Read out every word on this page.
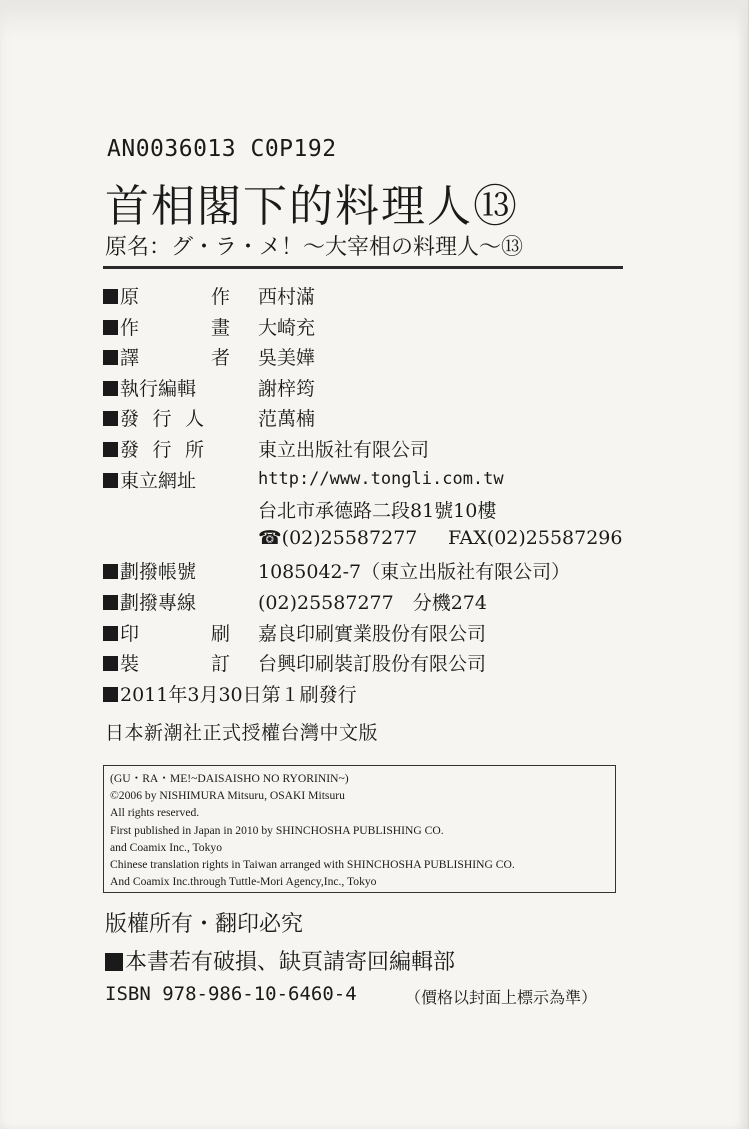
AN0036013 C0P192
首相閣下的料理人⑬
原名：グ・ラ・メ！～大宰相の料理人～⑬
原　作	西村滿
作　畫	大崎充
譯　者	吳美嬅
執行編輯	謝梓筠
發行人	范萬楠
發行所	東立出版社有限公司
東立網址	http://www.tongli.com.tw
台北市承德路二段81號10樓
☎(02)25587277	FAX(02)25587296
劃撥帳號	1085042-7（東立出版社有限公司）
劃撥專線	(02)25587277　分機274
印　刷	嘉良印刷實業股份有限公司
裝　訂	台興印刷裝訂股份有限公司
2011年3月30日第１刷發行
日本新潮社正式授權台灣中文版
(GU・RA・ME!~DAISAISHO NO RYORININ~)
©2006 by NISHIMURA Mitsuru, OSAKI Mitsuru
All rights reserved.
First published in Japan in 2010 by SHINCHOSHA PUBLISHING CO.
and Coamix Inc., Tokyo
Chinese translation rights in Taiwan arranged with SHINCHOSHA PUBLISHING CO.
And Coamix Inc.through Tuttle-Mori Agency,Inc., Tokyo
版權所有・翻印必究
本書若有破損、缺頁請寄回編輯部
ISBN 978-986-10-6460-4	（價格以封面上標示為準）
